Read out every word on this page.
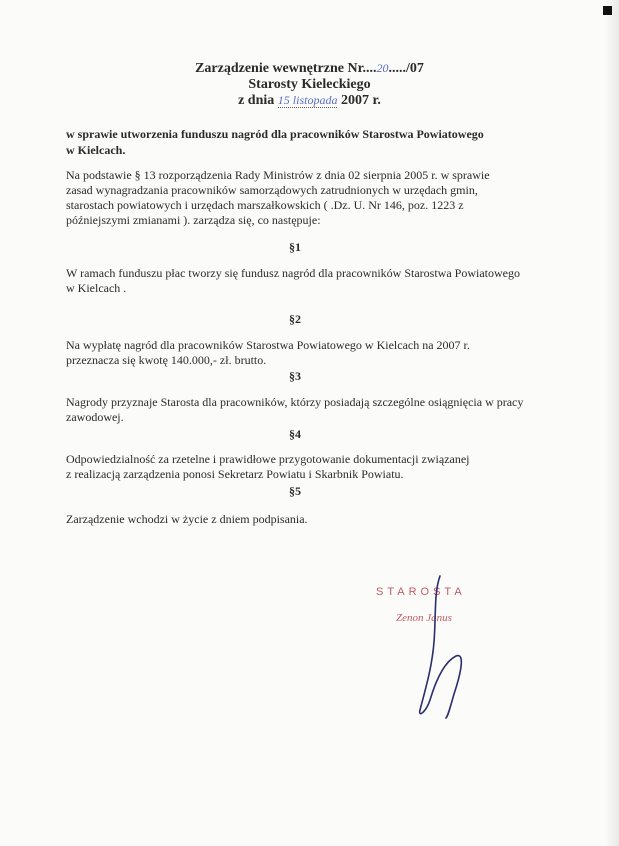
Zarządzenie wewnętrzne Nr....20...../07
Starosty Kieleckiego
z dnia 15 listopada 2007 r.
w sprawie utworzenia funduszu nagród dla pracowników Starostwa Powiatowego
w Kielcach.
Na podstawie § 13 rozporządzenia Rady Ministrów z dnia 02 sierpnia 2005 r. w sprawie
zasad wynagradzania pracowników samorządowych zatrudnionych w urzędach gmin,
starostach powiatowych i urzędach marszałkowskich ( .Dz. U. Nr 146, poz. 1223 z
późniejszymi zmianami ). zarządza się, co następuje:
§1
W ramach funduszu płac tworzy się fundusz nagród dla pracowników Starostwa Powiatowego
w Kielcach .
§2
Na wypłatę nagród dla pracowników Starostwa Powiatowego w Kielcach na 2007 r.
przeznacza się kwotę 140.000,- zł. brutto.
§3
Nagrody przyznaje Starosta dla pracowników, którzy posiadają szczególne osiągnięcia w pracy
zawodowej.
§4
Odpowiedzialność za rzetelne i prawidłowe przygotowanie dokumentacji związanej
z realizacją zarządzenia ponosi Sekretarz Powiatu i Skarbnik Powiatu.
§5
Zarządzenie wchodzi w życie z dniem podpisania.
STAROSTA
Zenon Janus
